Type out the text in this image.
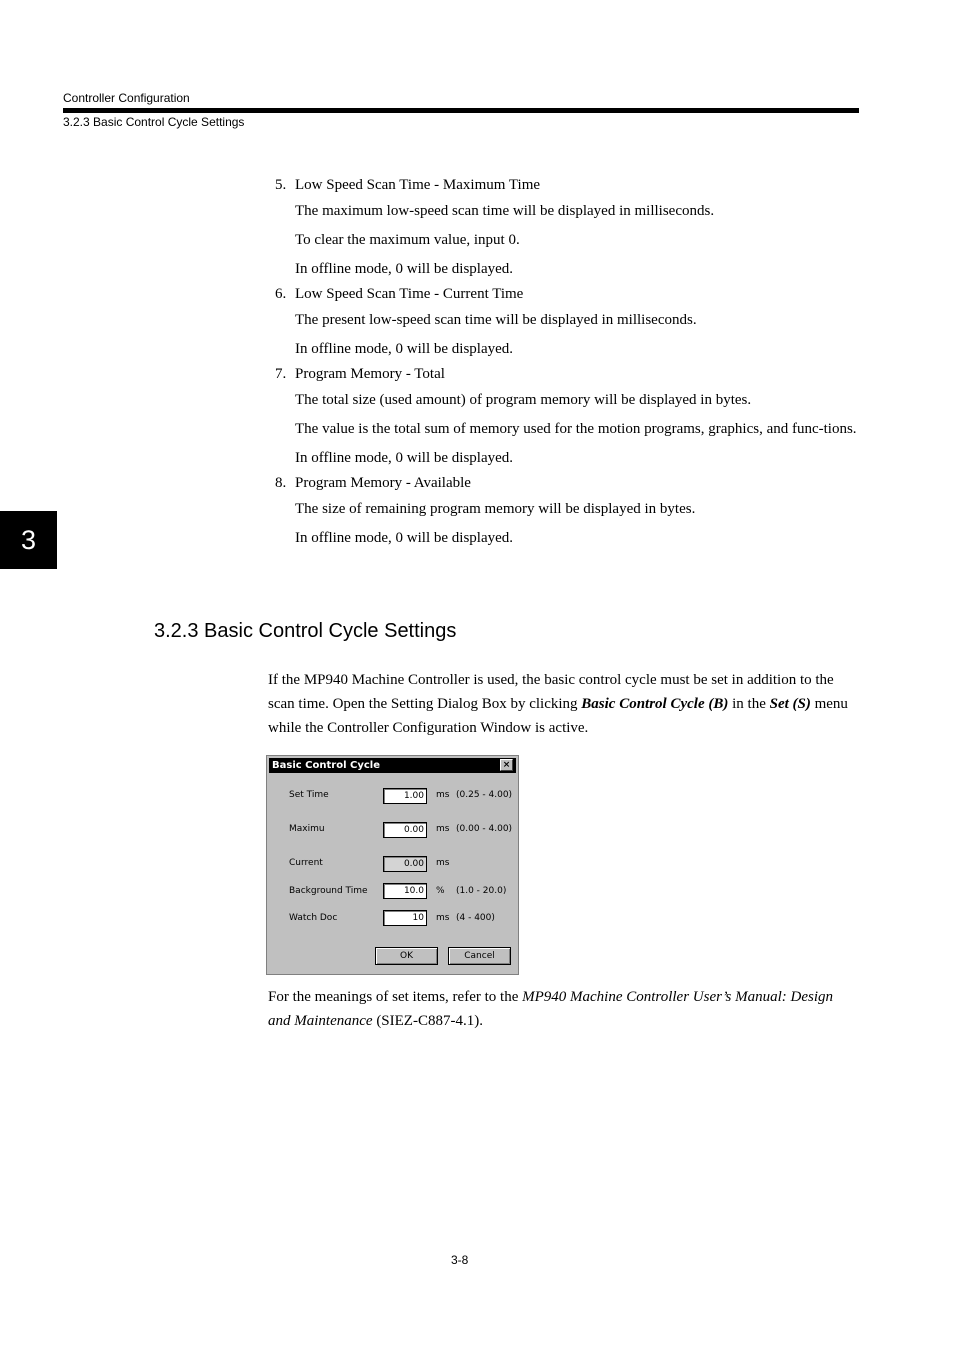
Controller Configuration
3.2.3 Basic Control Cycle Settings
3
5. Low Speed Scan Time - Maximum Time
The maximum low-speed scan time will be displayed in milliseconds.
To clear the maximum value, input 0.
In offline mode, 0 will be displayed.
6. Low Speed Scan Time - Current Time
The present low-speed scan time will be displayed in milliseconds.
In offline mode, 0 will be displayed.
7. Program Memory - Total
The total size (used amount) of program memory will be displayed in bytes.
The value is the total sum of memory used for the motion programs, graphics, and func-tions.
In offline mode, 0 will be displayed.
8. Program Memory - Available
The size of remaining program memory will be displayed in bytes.
In offline mode, 0 will be displayed.
3.2.3 Basic Control Cycle Settings
If the MP940 Machine Controller is used, the basic control cycle must be set in addition to the scan time. Open the Setting Dialog Box by clicking Basic Control Cycle (B) in the Set (S) menu while the Controller Configuration Window is active.
Basic Control Cycle	×
Set Time	1.00	ms (0.25 - 4.00)
Maximu	0.00	ms (0.00 - 4.00)
Current	0.00	ms
Background Time	10.0	% (1.0 - 20.0)
Watch Doc	10	ms (4 - 400)
OK	Cancel
For the meanings of set items, refer to the MP940 Machine Controller User’s Manual: Design and Maintenance (SIEZ-C887-4.1).
3-8
